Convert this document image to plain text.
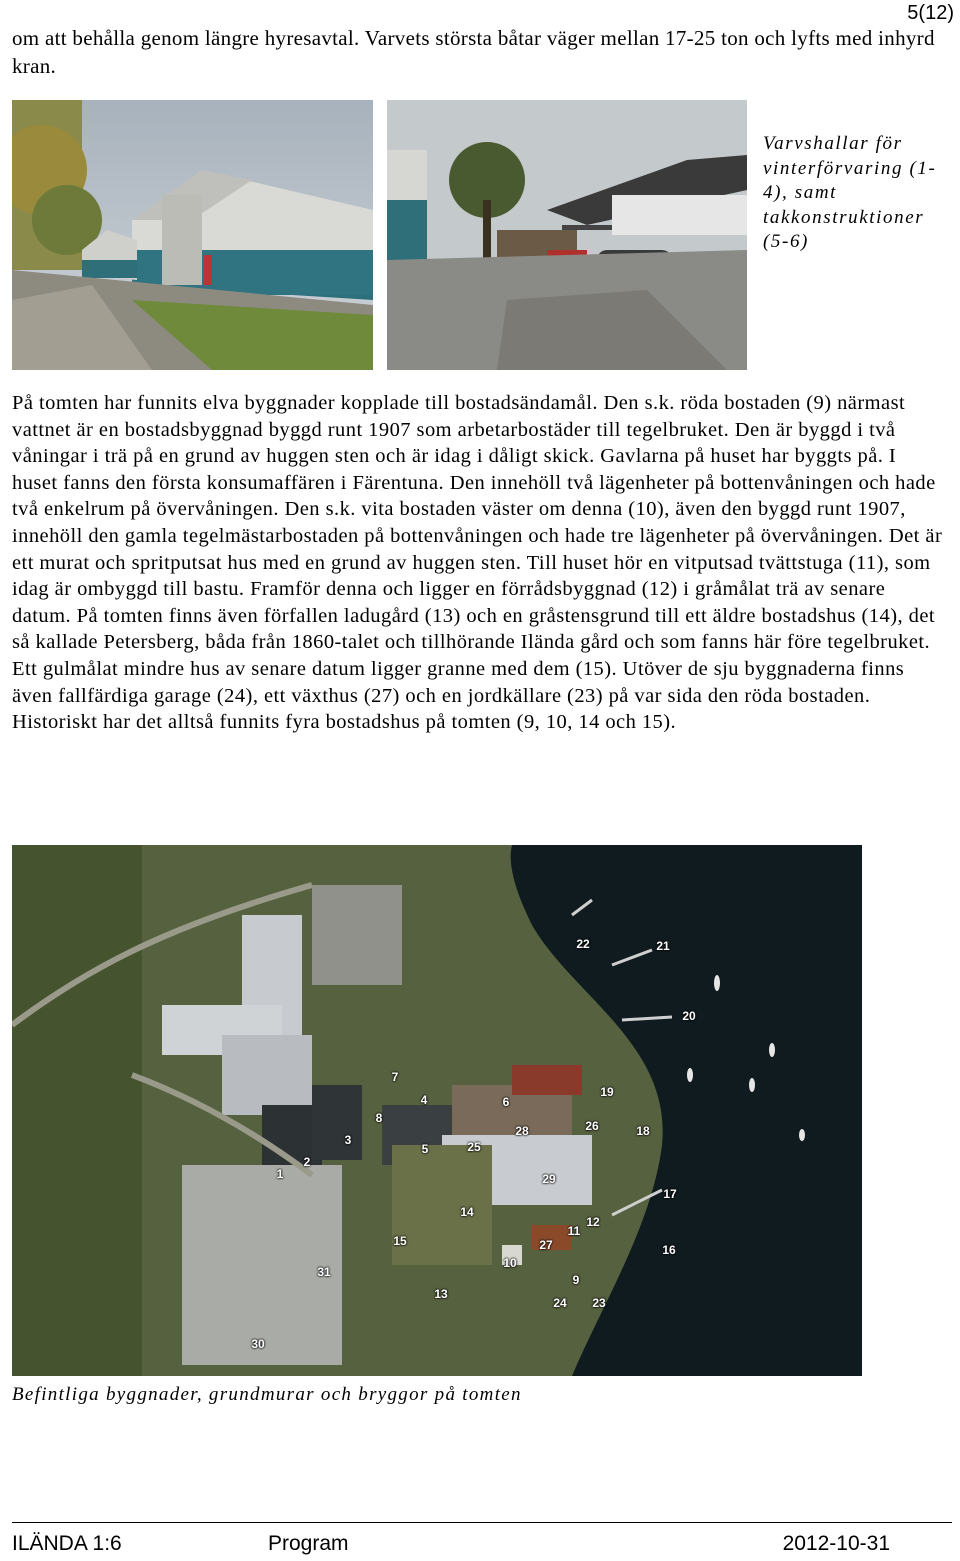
5(12)
om att behålla genom längre hyresavtal. Varvets största båtar väger mellan 17-25 ton och lyfts med inhyrd kran.
Varvshallar för vinterförvaring (1-4), samt takkonstruktioner (5-6)

På tomten har funnits elva byggnader kopplade till bostadsändamål. Den s.k. röda bostaden (9) närmast vattnet är en bostadsbyggnad byggd runt 1907 som arbetarbostäder till tegelbruket. Den är byggd i två våningar i trä på en grund av huggen sten och är idag i dåligt skick. Gavlarna på huset har byggts på. I huset fanns den första konsumaffären i Färentuna. Den innehöll två lägenheter på bottenvåningen och hade två enkelrum på övervåningen. Den s.k. vita bostaden väster om denna (10), även den byggd runt 1907, innehöll den gamla tegelmästarbostaden på bottenvåningen och hade tre lägenheter på övervåningen. Det är ett murat och spritputsat hus med en grund av huggen sten. Till huset hör en vitputsad tvättstuga (11), som idag är ombyggd till bastu. Framför denna och ligger en förrådsbyggnad (12) i gråmålat trä av senare datum. På tomten finns även förfallen ladugård (13) och en gråstensgrund till ett äldre bostadshus (14), det så kallade Petersberg, båda från 1860-talet och tillhörande Ilända gård och som fanns här före tegelbruket. Ett gulmålat mindre hus av senare datum ligger granne med dem (15). Utöver de sju byggnaderna finns även fallfärdiga garage (24), ett växthus (27) och en jordkällare (23) på var sida den röda bostaden. Historiskt har det alltså funnits fyra bostadshus på tomten (9, 10, 14 och 15).

22	21
20
19
7
4	6
8
26	18
28
3
5	25
2
1	29
17
14
12
11
15	27	16
10
31
9
13
24 23
30
Befintliga byggnader, grundmurar och bryggor på tomten
ILÄNDA 1:6	Program	2012-10-31
